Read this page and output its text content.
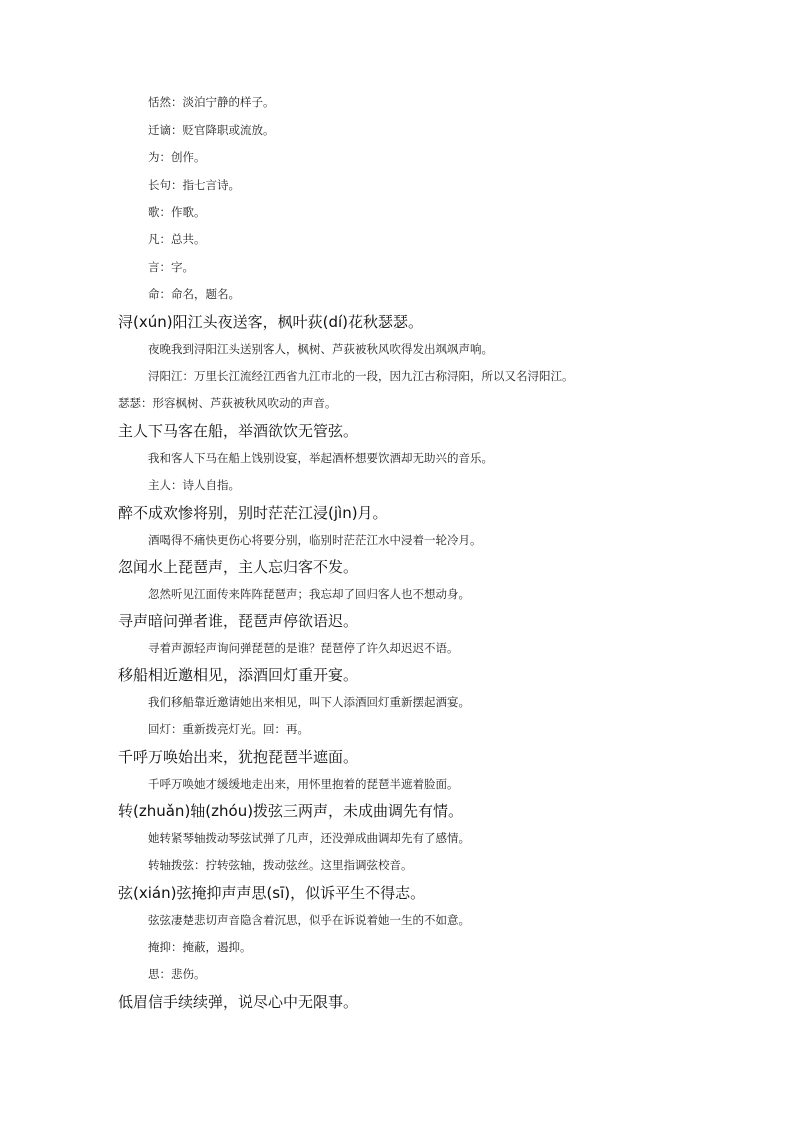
恬然：淡泊宁静的样子。
迁谪：贬官降职或流放。
为：创作。
长句：指七言诗。
歌：作歌。
凡：总共。
言：字。
命：命名，题名。
浔(xún)阳江头夜送客，枫叶荻(dí)花秋瑟瑟。
夜晚我到浔阳江头送别客人，枫树、芦荻被秋风吹得发出飒飒声响。
浔阳江：万里长江流经江西省九江市北的一段，因九江古称浔阳，所以又名浔阳江。
瑟瑟：形容枫树、芦荻被秋风吹动的声音。
主人下马客在船，举酒欲饮无管弦。
我和客人下马在船上饯别设宴，举起酒杯想要饮酒却无助兴的音乐。
主人：诗人自指。
醉不成欢惨将别，别时茫茫江浸(jìn)月。
酒喝得不痛快更伤心将要分别，临别时茫茫江水中浸着一轮冷月。
忽闻水上琵琶声，主人忘归客不发。
忽然听见江面传来阵阵琵琶声；我忘却了回归客人也不想动身。
寻声暗问弹者谁，琵琶声停欲语迟。
寻着声源轻声询问弹琵琶的是谁？琵琶停了许久却迟迟不语。
移船相近邀相见，添酒回灯重开宴。
我们移船靠近邀请她出来相见，叫下人添酒回灯重新摆起酒宴。
回灯：重新拨亮灯光。回：再。
千呼万唤始出来，犹抱琵琶半遮面。
千呼万唤她才缓缓地走出来，用怀里抱着的琵琶半遮着脸面。
转(zhuǎn)轴(zhóu)拨弦三两声，未成曲调先有情。
她转紧琴轴拨动琴弦试弹了几声，还没弹成曲调却先有了感情。
转轴拨弦：拧转弦轴，拨动弦丝。这里指调弦校音。
弦(xián)弦掩抑声声思(sī)，似诉平生不得志。
弦弦凄楚悲切声音隐含着沉思，似乎在诉说着她一生的不如意。
掩抑：掩蔽，遏抑。
思：悲伤。
低眉信手续续弹，说尽心中无限事。
